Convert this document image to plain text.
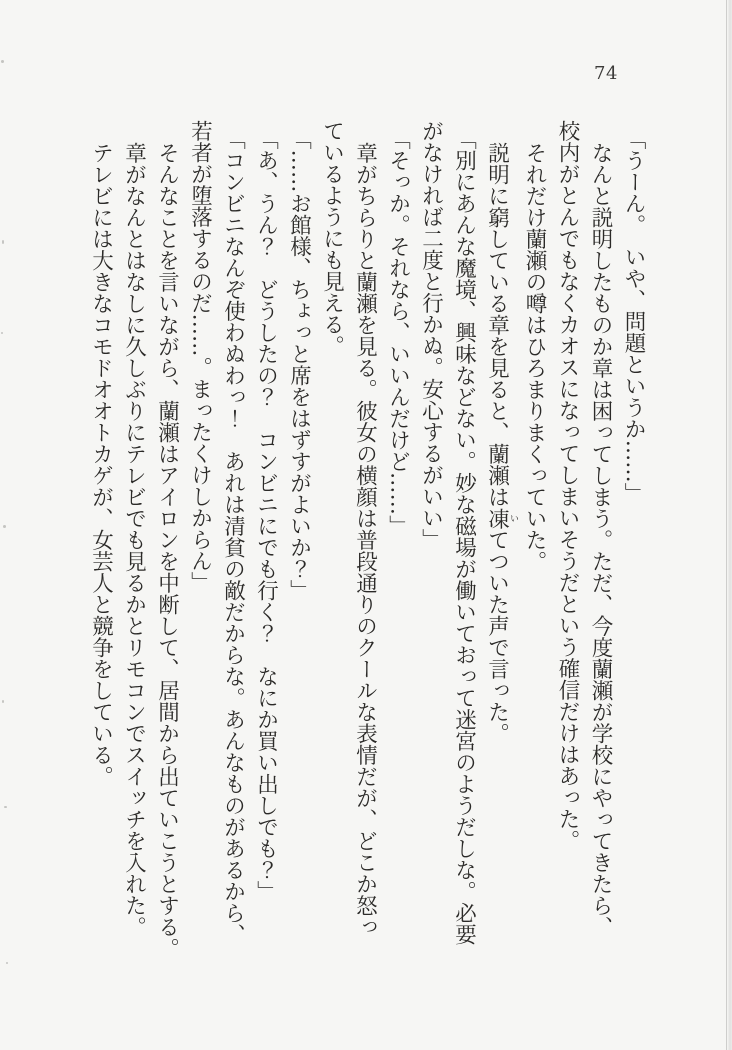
74
「うーん。　いや、問題というか……」
なんと説明したものか章は困ってしまう。ただ、今度蘭瀬が学校にやってきたら、
校内がとんでもなくカオスになってしまいそうだという確信だけはあった。
それだけ蘭瀬の噂はひろまりまくっていた。
説明に窮している章を見ると、蘭瀬は凍いてついた声で言った。
「別にあんな魔境、興味などない。妙な磁場が働いておって迷宮のようだしな。必要
がなければ二度と行かぬ。安心するがいい」
「そっか。それなら、いいんだけど……」
章がちらりと蘭瀬を見る。彼女の横顔は普段通りのクールな表情だが、どこか怒っ
ているようにも見える。
「……お館様、ちょっと席をはずすがよいか？」
「あ、うん？　どうしたの？　コンビニにでも行く？　なにか買い出しでも？」
「コンビニなんぞ使わぬわっ！　あれは清貧の敵だからな。あんなものがあるから、
若者が堕落するのだ……。まったくけしからん」
そんなことを言いながら、蘭瀬はアイロンを中断して、居間から出ていこうとする。
章がなんとはなしに久しぶりにテレビでも見るかとリモコンでスイッチを入れた。
テレビには大きなコモドオオトカゲが、女芸人と競争をしている。
